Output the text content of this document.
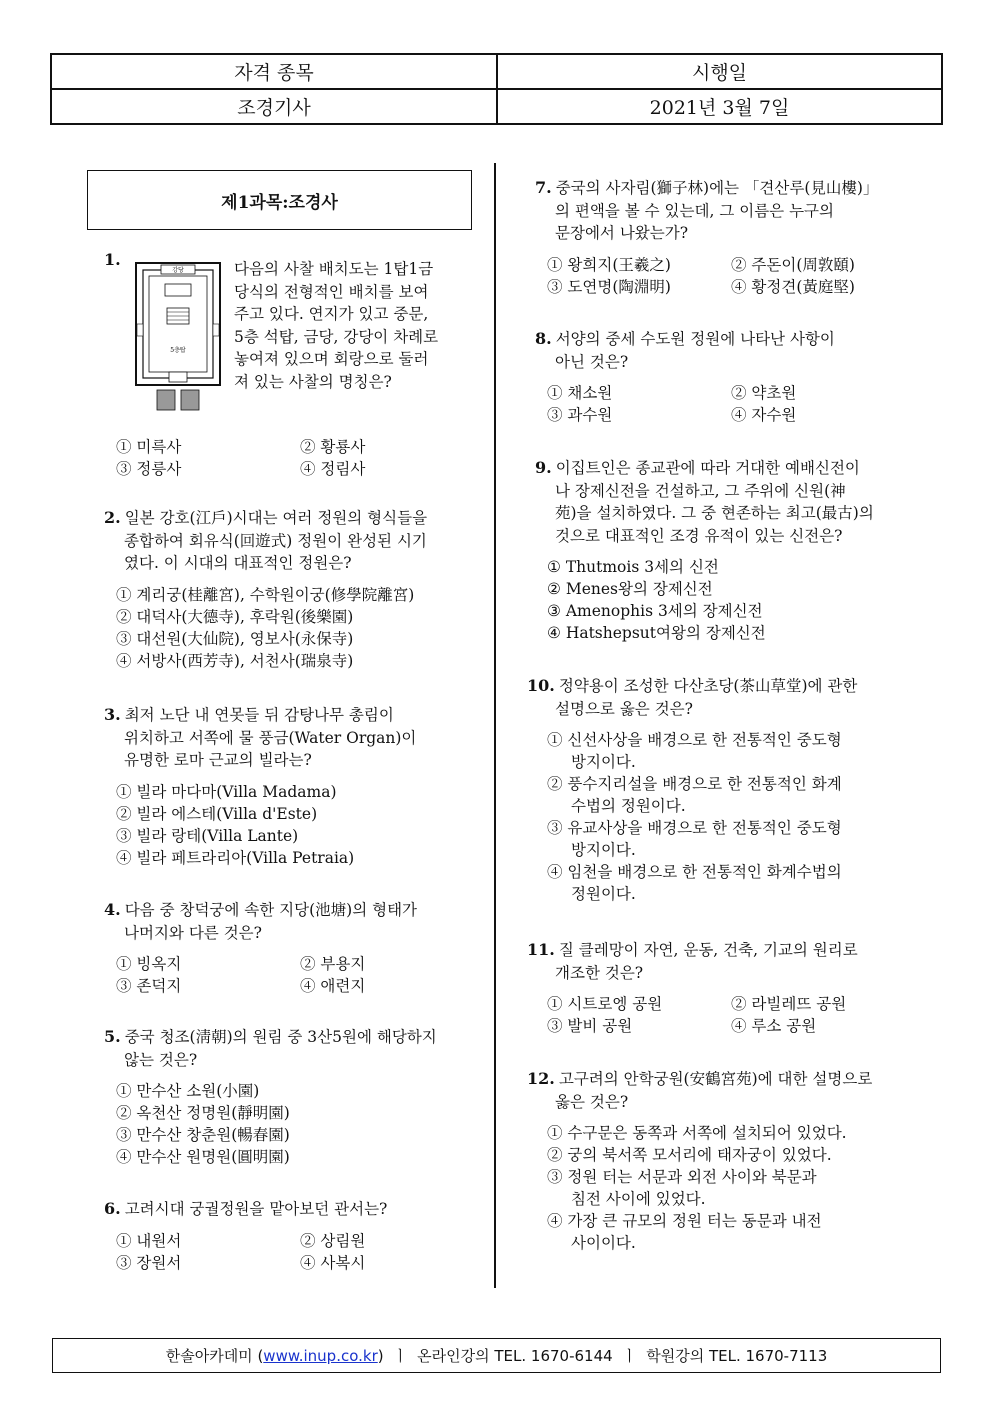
자격 종목	시행일
조경기사	2021년 3월 7일
제1과목:조경사
1.
강당
5층탑
다음의 사찰 배치도는 1탑1금
당식의 전형적인 배치를 보여
주고 있다. 연지가 있고 중문,
5층 석탑, 금당, 강당이 차례로
놓여져 있으며 회랑으로 둘러
져 있는 사찰의 명칭은?
① 미륵사	② 황룡사
③ 정릉사	④ 정림사
2. 일본 강호(江戶)시대는 여러 정원의 형식들을
종합하여 회유식(回遊式) 정원이 완성된 시기
였다. 이 시대의 대표적인 정원은?
① 계리궁(桂離宮), 수학원이궁(修學院離宮)
② 대덕사(大德寺), 후락원(後樂園)
③ 대선원(大仙院), 영보사(永保寺)
④ 서방사(西芳寺), 서천사(瑞泉寺)
3. 최저 노단 내 연못들 뒤 감탕나무 총림이
위치하고 서쪽에 물 풍금(Water Organ)이
유명한 로마 근교의 빌라는?
① 빌라 마다마(Villa Madama)
② 빌라 에스테(Villa d'Este)
③ 빌라 랑테(Villa Lante)
④ 빌라 페트라리아(Villa Petraia)
4. 다음 중 창덕궁에 속한 지당(池塘)의 형태가
나머지와 다른 것은?
① 빙옥지	② 부용지
③ 존덕지	④ 애련지
5. 중국 청조(淸朝)의 원림 중 3산5원에 해당하지
않는 것은?
① 만수산 소원(小園)
② 옥천산 정명원(靜明園)
③ 만수산 창춘원(暢春園)
④ 만수산 원명원(圓明園)
6. 고려시대 궁궐정원을 맡아보던 관서는?
① 내원서	② 상림원
③ 장원서	④ 사복시
7. 중국의 사자림(獅子林)에는 「견산루(見山樓)」
의 편액을 볼 수 있는데, 그 이름은 누구의
문장에서 나왔는가?
① 왕희지(王羲之)	② 주돈이(周敦頤)
③ 도연명(陶淵明)	④ 황정견(黃庭堅)
8. 서양의 중세 수도원 정원에 나타난 사항이
아닌 것은?
① 채소원	② 약초원
③ 과수원	④ 자수원
9. 이집트인은 종교관에 따라 거대한 예배신전이
나 장제신전을 건설하고, 그 주위에 신원(神
苑)을 설치하였다. 그 중 현존하는 최고(最古)의
것으로 대표적인 조경 유적이 있는 신전은?
① Thutmois 3세의 신전
② Menes왕의 장제신전
③ Amenophis 3세의 장제신전
④ Hatshepsut여왕의 장제신전
10. 정약용이 조성한 다산초당(茶山草堂)에 관한
설명으로 옳은 것은?
① 신선사상을 배경으로 한 전통적인 중도형
방지이다.
② 풍수지리설을 배경으로 한 전통적인 화계
수법의 정원이다.
③ 유교사상을 배경으로 한 전통적인 중도형
방지이다.
④ 임천을 배경으로 한 전통적인 화계수법의
정원이다.
11. 질 클레망이 자연, 운동, 건축, 기교의 원리로
개조한 것은?
① 시트로엥 공원	② 라빌레뜨 공원
③ 발비 공원	④ 루소 공원
12. 고구려의 안학궁원(安鶴宮苑)에 대한 설명으로
옳은 것은?
① 수구문은 동쪽과 서쪽에 설치되어 있었다.
② 궁의 북서쪽 모서리에 태자궁이 있었다.
③ 정원 터는 서문과 외전 사이와 북문과
침전 사이에 있었다.
④ 가장 큰 규모의 정원 터는 동문과 내전
사이이다.
한솔아카데미 ( www.inup.co.kr )  ㅣ  온라인강의 TEL. 1670-6144  ㅣ  학원강의 TEL. 1670-7113
